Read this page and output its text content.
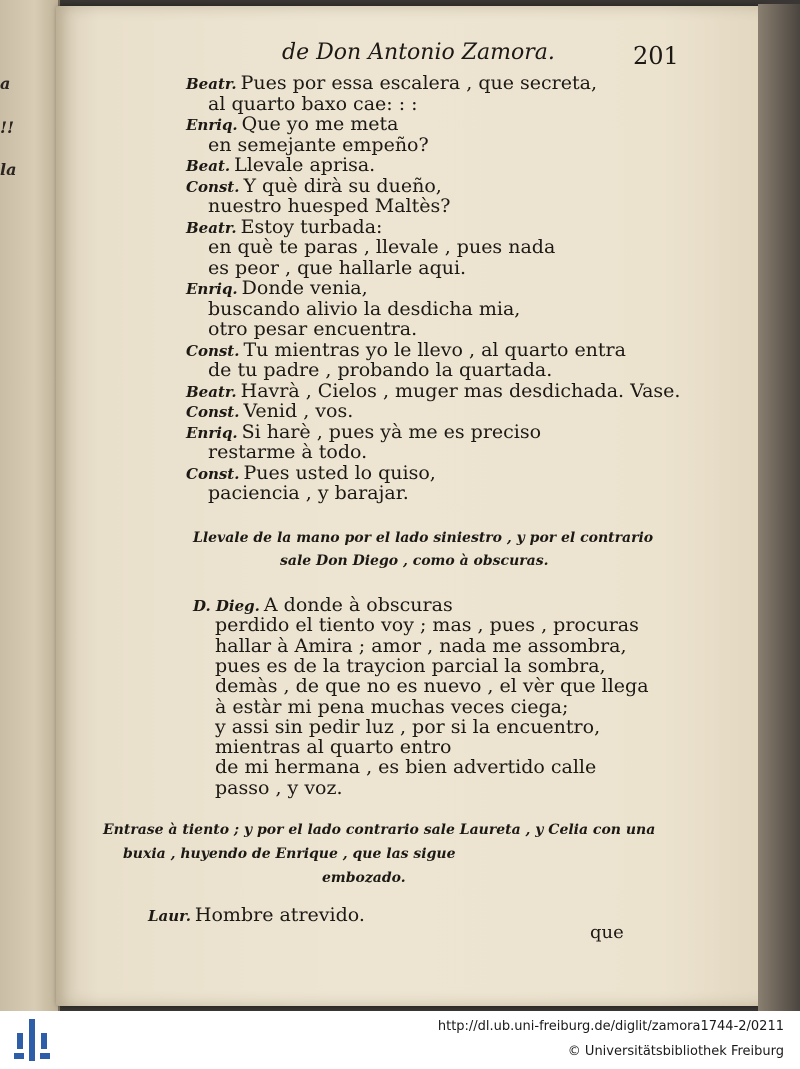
a
!!
la
de Don Antonio Zamora.	201
Beatr. Pues por essa escalera , que secreta,
al quarto baxo cae: : :
Enriq. Que yo me meta
en semejante empeño?
Beat. Llevale aprisa.
Const. Y què dirà su dueño,
nuestro huesped Maltès?
Beatr. Estoy turbada:
en què te paras , llevale , pues nada
es peor , que hallarle aqui.
Enriq. Donde venia,
buscando alivio la desdicha mia,
otro pesar encuentra.
Const. Tu mientras yo le llevo , al quarto entra
de tu padre , probando la quartada.
Beatr. Havrà , Cielos , muger mas desdichada. Vase.
Const. Venid , vos.
Enriq. Si harè , pues yà me es preciso
restarme à todo.
Const. Pues usted lo quiso,
paciencia , y barajar.
Llevale de la mano por el lado siniestro , y por el contrario
sale Don Diego , como à obscuras.
D. Dieg. A donde à obscuras
perdido el tiento voy ; mas , pues , procuras
hallar à Amira ; amor , nada me assombra,
pues es de la traycion parcial la sombra,
demàs , de que no es nuevo , el vèr que llega
à estàr mi pena muchas veces ciega;
y assi sin pedir luz , por si la encuentro,
mientras al quarto entro
de mi hermana , es bien advertido calle
passo , y voz.
Entrase à tiento ; y por el lado contrario sale Laureta , y Celia con una
buxia , huyendo de Enrique , que las sigue
embozado.
Laur. Hombre atrevido.
que
http://dl.ub.uni-freiburg.de/diglit/zamora1744-2/0211
© Universitätsbibliothek Freiburg
